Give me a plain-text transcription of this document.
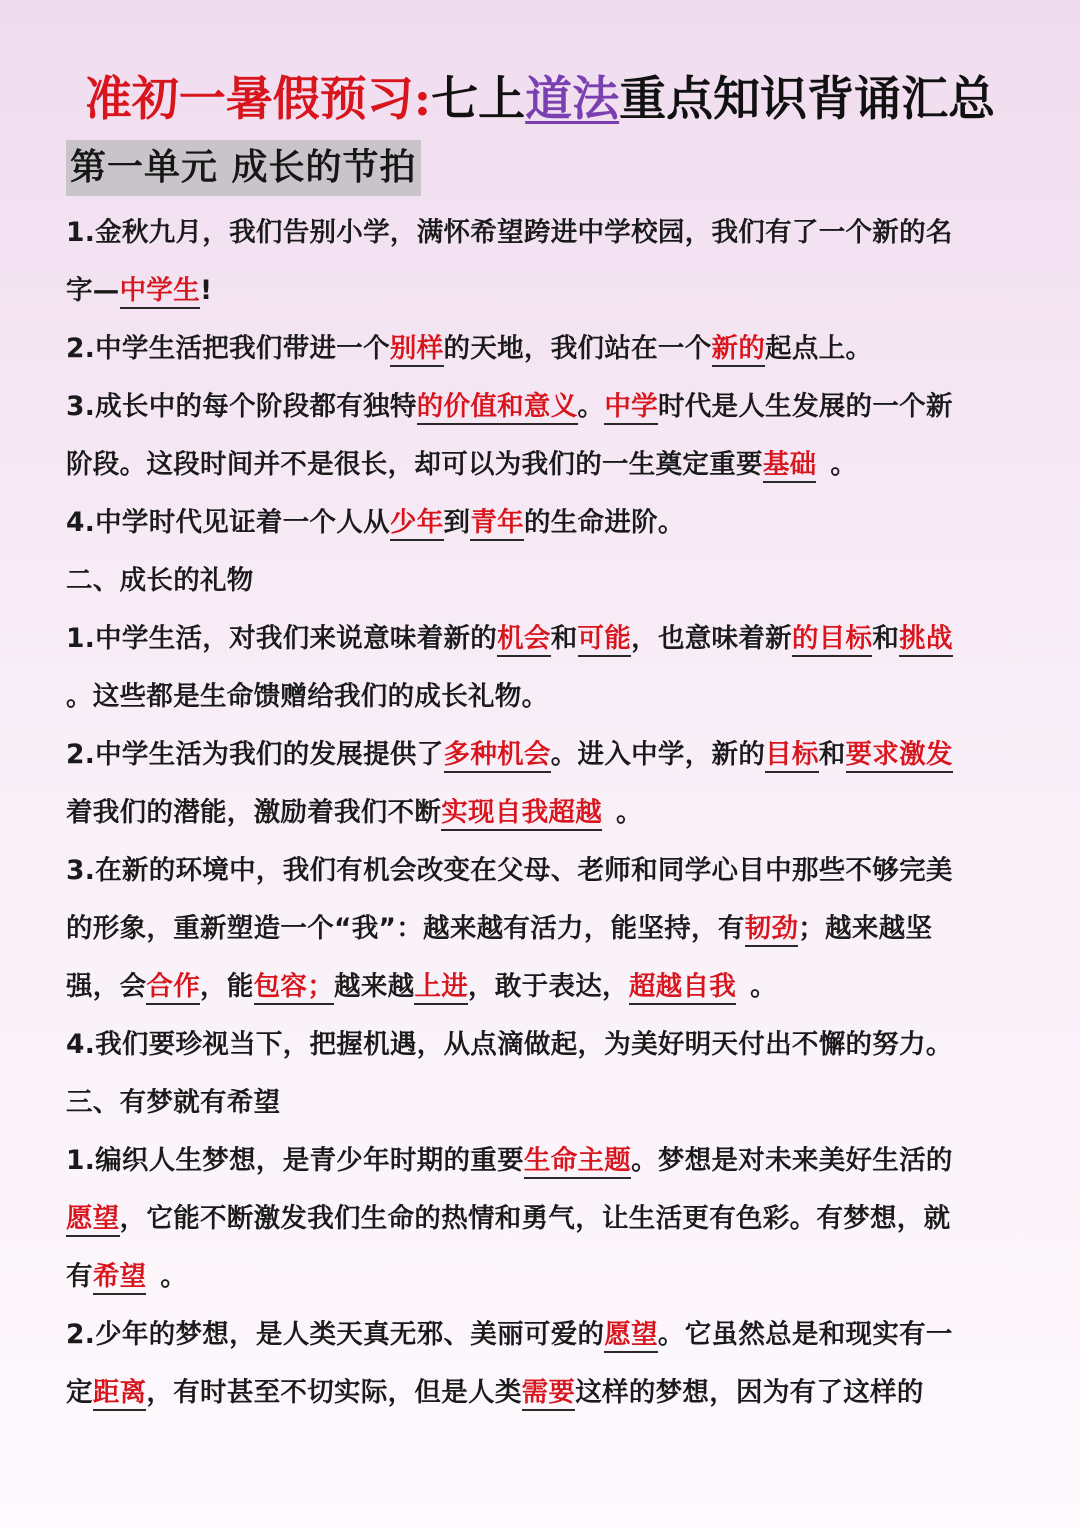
准初一暑假预习:七上道法重点知识背诵汇总
第一单元 成长的节拍
1.金秋九月，我们告别小学，满怀希望跨进中学校园，我们有了一个新的名
字—中学生!
2.中学生活把我们带进一个别样的天地，我们站在一个新的起点上。
3.成长中的每个阶段都有独特的价值和意义。中学时代是人生发展的一个新
阶段。这段时间并不是很长，却可以为我们的一生奠定重要基础 。
4.中学时代见证着一个人从少年到青年的生命进阶。
二、成长的礼物
1.中学生活，对我们来说意味着新的机会和可能，也意味着新的目标和挑战
。这些都是生命馈赠给我们的成长礼物。
2.中学生活为我们的发展提供了多种机会。进入中学，新的目标和要求激发
着我们的潜能，激励着我们不断实现自我超越 。
3.在新的环境中，我们有机会改变在父母、老师和同学心目中那些不够完美
的形象，重新塑造一个“我”：越来越有活力，能坚持，有韧劲；越来越坚
强，会合作，能包容；越来越上进，敢于表达，超越自我 。
4.我们要珍视当下，把握机遇，从点滴做起，为美好明天付出不懈的努力。
三、有梦就有希望
1.编织人生梦想，是青少年时期的重要生命主题。梦想是对未来美好生活的
愿望，它能不断激发我们生命的热情和勇气，让生活更有色彩。有梦想，就
有希望 。
2.少年的梦想，是人类天真无邪、美丽可爱的愿望。它虽然总是和现实有一
定距离，有时甚至不切实际，但是人类需要这样的梦想，因为有了这样的
